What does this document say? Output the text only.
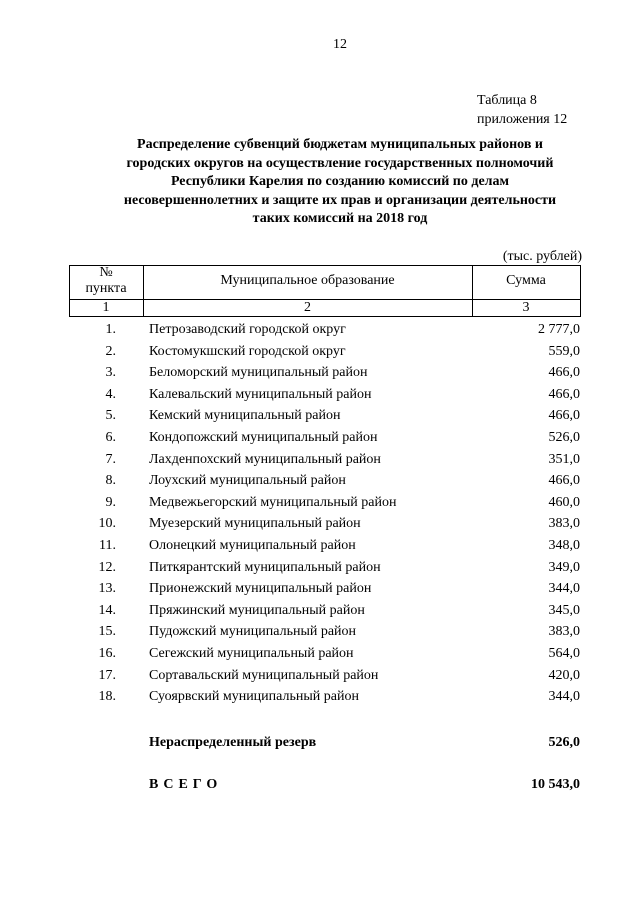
12
Таблица 8
приложения 12
Распределение субвенций бюджетам муниципальных районов и
городских округов на осуществление государственных полномочий
Республики Карелия по созданию комиссий по делам
несовершеннолетних и защите их прав и организации деятельности
таких комиссий на 2018 год
(тыс. рублей)
№
пункта
Муниципальное образование	Сумма
1	2	3
1. Петрозаводский городской округ	2 777,0
2. Костомукшский городской округ	559,0
3. Беломорский муниципальный район	466,0
4. Калевальский муниципальный район	466,0
5. Кемский муниципальный район	466,0
6. Кондопожский муниципальный район	526,0
7. Лахденпохский муниципальный район	351,0
8. Лоухский муниципальный район	466,0
9. Медвежьегорский муниципальный район	460,0
10. Муезерский муниципальный район	383,0
11. Олонецкий муниципальный район	348,0
12. Питкярантский муниципальный район	349,0
13. Прионежский муниципальный район	344,0
14. Пряжинский муниципальный район	345,0
15. Пудожский муниципальный район	383,0
16. Сегежский муниципальный район	564,0
17. Сортавальский муниципальный район	420,0
18. Суоярвский муниципальный район	344,0
Нераспределенный резерв	526,0
ВСЕГО	10 543,0
